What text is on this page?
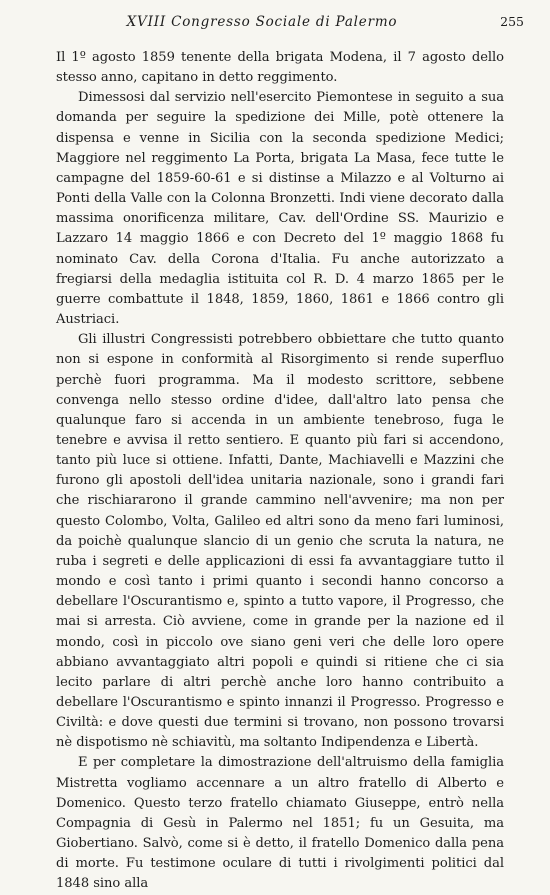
XVIII Congresso Sociale di Palermo	255

Il 1º agosto 1859 tenente della brigata Modena, il 7 agosto dello stesso anno, capitano in detto reggimento.

Dimessosi dal servizio nell'esercito Piemontese in seguito a sua domanda per seguire la spedizione dei Mille, potè ottenere la dispensa e venne in Sicilia con la seconda spedizione Medici; Maggiore nel reggimento La Porta, brigata La Masa, fece tutte le campagne del 1859-60-61 e si distinse a Milazzo e al Volturno ai Ponti della Valle con la Colonna Bronzetti. Indi viene decorato dalla massima onorificenza militare, Cav. dell'Ordine SS. Maurizio e Lazzaro 14 maggio 1866 e con Decreto del 1º maggio 1868 fu nominato Cav. della Corona d'Italia. Fu anche autorizzato a fregiarsi della medaglia istituita col R. D. 4 marzo 1865 per le guerre combattute il 1848, 1859, 1860, 1861 e 1866 contro gli Austriaci.

Gli illustri Congressisti potrebbero obbiettare che tutto quanto non si espone in conformità al Risorgimento si rende superfluo perchè fuori programma. Ma il modesto scrittore, sebbene convenga nello stesso ordine d'idee, dall'altro lato pensa che qualunque faro si accenda in un ambiente tenebroso, fuga le tenebre e avvisa il retto sentiero. E quanto più fari si accendono, tanto più luce si ottiene. Infatti, Dante, Machiavelli e Mazzini che furono gli apostoli dell'idea unitaria nazionale, sono i grandi fari che rischiararono il grande cammino nell'avvenire; ma non per questo Colombo, Volta, Galileo ed altri sono da meno fari luminosi, da poichè qualunque slancio di un genio che scruta la natura, ne ruba i segreti e delle applicazioni di essi fa avvantaggiare tutto il mondo e così tanto i primi quanto i secondi hanno concorso a debellare l'Oscurantismo e, spinto a tutto vapore, il Progresso, che mai si arresta. Ciò avviene, come in grande per la nazione ed il mondo, così in piccolo ove siano geni veri che delle loro opere abbiano avvantaggiato altri popoli e quindi si ritiene che ci sia lecito parlare di altri perchè anche loro hanno contribuito a debellare l'Oscurantismo e spinto innanzi il Progresso. Progresso e Civiltà: e dove questi due termini si trovano, non possono trovarsi nè dispotismo nè schiavitù, ma soltanto Indipendenza e Libertà.

E per completare la dimostrazione dell'altruismo della famiglia Mistretta vogliamo accennare a un altro fratello di Alberto e Domenico. Questo terzo fratello chiamato Giuseppe, entrò nella Compagnia di Gesù in Palermo nel 1851; fu un Gesuita, ma Giobertiano. Salvò, come si è detto, il fratello Domenico dalla pena di morte. Fu testimone oculare di tutti i rivolgimenti politici dal 1848 sino alla
